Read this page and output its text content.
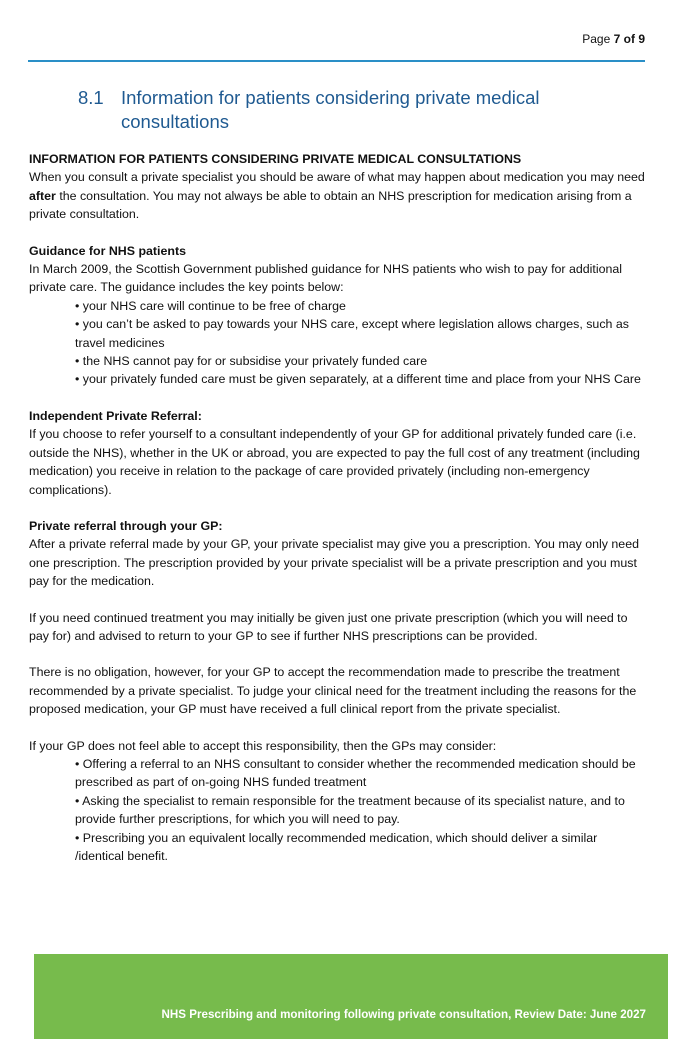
Page 7 of 9
8.1 Information for patients considering private medical consultations

INFORMATION FOR PATIENTS CONSIDERING PRIVATE MEDICAL CONSULTATIONS

When you consult a private specialist you should be aware of what may happen about medication you may need after the consultation. You may not always be able to obtain an NHS prescription for medication arising from a private consultation.

Guidance for NHS patients

In March 2009, the Scottish Government published guidance for NHS patients who wish to pay for additional private care. The guidance includes the key points below:

• your NHS care will continue to be free of charge
• you can’t be asked to pay towards your NHS care, except where legislation allows charges, such as travel medicines
• the NHS cannot pay for or subsidise your privately funded care
• your privately funded care must be given separately, at a different time and place from your NHS Care

Independent Private Referral:

If you choose to refer yourself to a consultant independently of your GP for additional privately funded care (i.e. outside the NHS), whether in the UK or abroad, you are expected to pay the full cost of any treatment (including medication) you receive in relation to the package of care provided privately (including non-emergency complications).

Private referral through your GP:

After a private referral made by your GP, your private specialist may give you a prescription. You may only need one prescription. The prescription provided by your private specialist will be a private prescription and you must pay for the medication.

If you need continued treatment you may initially be given just one private prescription (which you will need to pay for) and advised to return to your GP to see if further NHS prescriptions can be provided.

There is no obligation, however, for your GP to accept the recommendation made to prescribe the treatment recommended by a private specialist. To judge your clinical need for the treatment including the reasons for the proposed medication, your GP must have received a full clinical report from the private specialist.

If your GP does not feel able to accept this responsibility, then the GPs may consider:

• Offering a referral to an NHS consultant to consider whether the recommended medication should be prescribed as part of on-going NHS funded treatment
• Asking the specialist to remain responsible for the treatment because of its specialist nature, and to provide further prescriptions, for which you will need to pay.
• Prescribing you an equivalent locally recommended medication, which should deliver a similar /identical benefit.
NHS Prescribing and monitoring following private consultation, Review Date: June 2027
